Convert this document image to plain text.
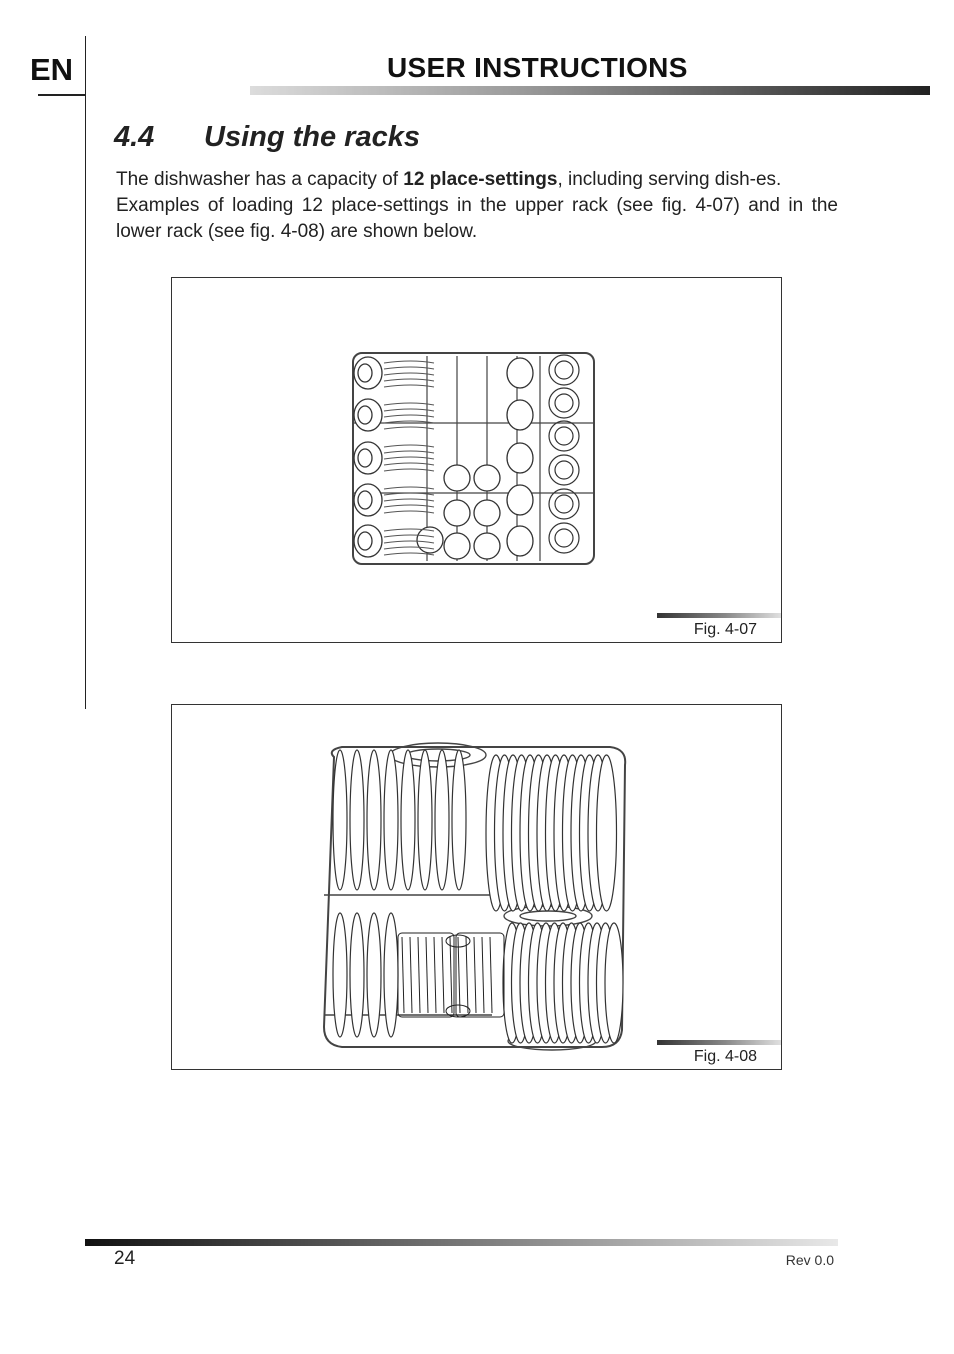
EN	USER INSTRUCTIONS
4.4 Using the racks

The dishwasher has a capacity of 12 place-settings, including serving dish-es.

Examples of loading 12 place-settings in the upper rack (see fig. 4-07) and in the lower rack (see fig. 4-08) are shown below.

Fig. 4-07
Fig. 4-08
24	Rev 0.0
